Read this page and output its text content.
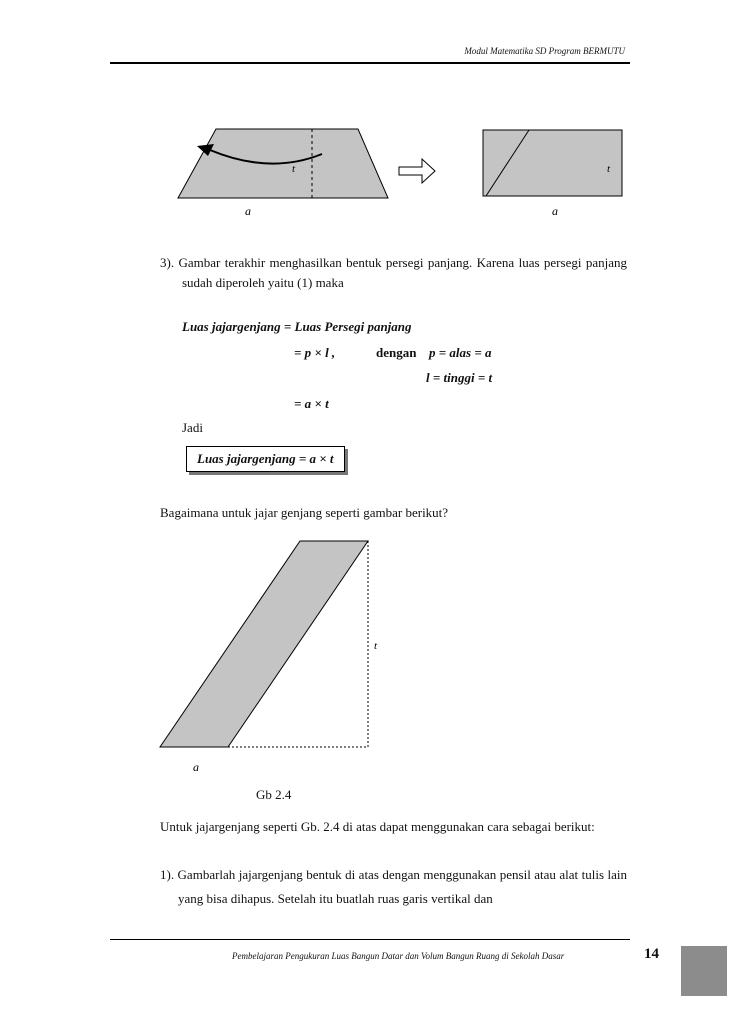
Modul Matematika SD Program BERMUTU
t
a
t
a
3). Gambar terakhir menghasilkan bentuk persegi panjang. Karena luas persegi panjang sudah diperoleh yaitu (1) maka
Luas jajargenjang = Luas Persegi panjang
= p × l ,	dengan p = alas = a
l = tinggi = t
= a × t
Jadi
Luas jajargenjang = a × t
Bagaimana untuk jajar genjang seperti gambar berikut?
t
a
Gb 2.4
Untuk jajargenjang seperti Gb. 2.4 di atas dapat menggunakan cara sebagai berikut:
1). Gambarlah jajargenjang bentuk di atas dengan menggunakan pensil atau alat tulis lain yang bisa dihapus. Setelah itu buatlah ruas garis vertikal dan
Pembelajaran Pengukuran Luas Bangun Datar dan Volum Bangun Ruang di Sekolah Dasar	14
